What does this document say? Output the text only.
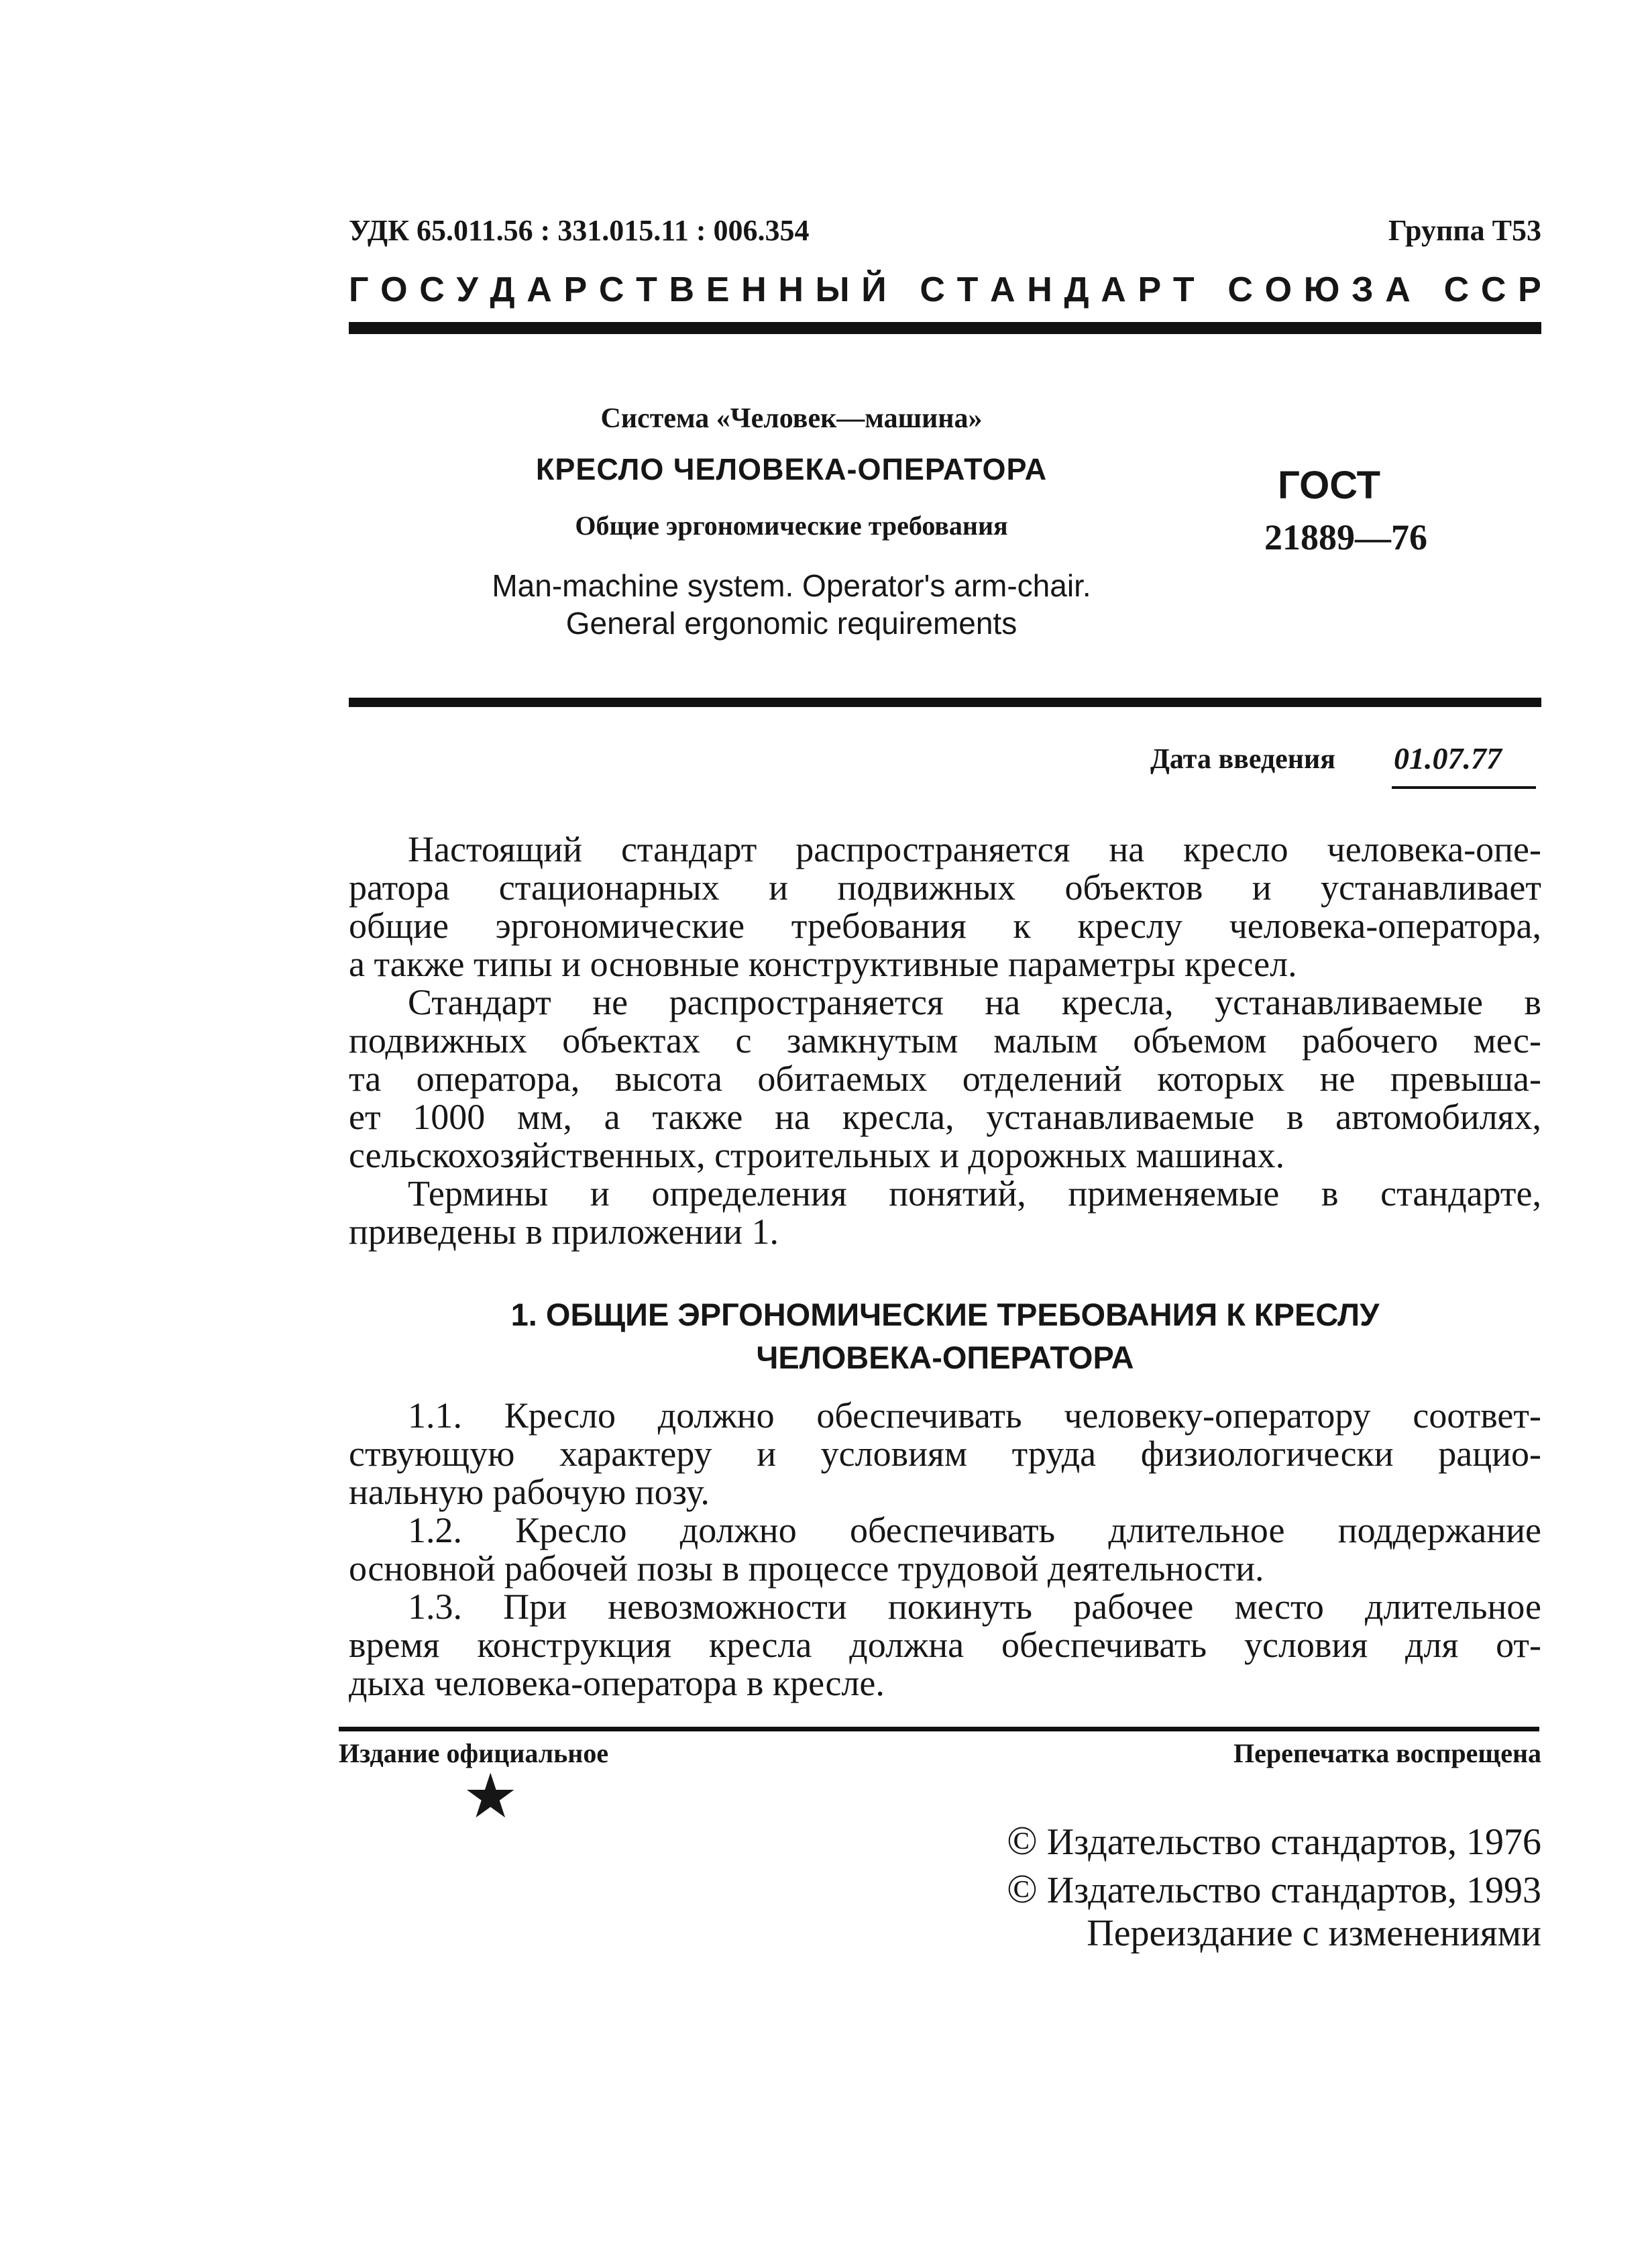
УДК 65.011.56 : 331.015.11 : 006.354	Группа Т53
Г О С У Д А Р С Т В Е Н Н Ы Й
С Т А Н Д А Р Т
С О Ю З А
С С Р
Система «Человек—машина»
КРЕСЛО ЧЕЛОВЕКА-ОПЕРАТОРА
Общие эргономические требования
Man-machine system. Operator's arm-chair.
General ergonomic requirements
ГОСТ
21889—76
Дата введения 01.07.77
Настоящий стандарт распространяется на кресло человека-опе-
ратора стационарных и подвижных объектов и устанавливает
общие эргономические требования к креслу человека-оператора,
а также типы и основные конструктивные параметры кресел.
Стандарт не распространяется на кресла, устанавливаемые в
подвижных объектах с замкнутым малым объемом рабочего мес-
та оператора, высота обитаемых отделений которых не превыша-
ет 1000 мм, а также на кресла, устанавливаемые в автомобилях,
сельскохозяйственных, строительных и дорожных машинах.
Термины и определения понятий, применяемые в стандарте,
приведены в приложении 1.
1. ОБЩИЕ ЭРГОНОМИЧЕСКИЕ ТРЕБОВАНИЯ К КРЕСЛУ
ЧЕЛОВЕКА-ОПЕРАТОРА
1.1. Кресло должно обеспечивать человеку-оператору соответ-
ствующую характеру и условиям труда физиологически рацио-
нальную рабочую позу.
1.2. Кресло должно обеспечивать длительное поддержание
основной рабочей позы в процессе трудовой деятельности.
1.3. При невозможности покинуть рабочее место длительное
время конструкция кресла должна обеспечивать условия для от-
дыха человека-оператора в кресле.
Издание официальное	Перепечатка воспрещена
★
© Издательство стандартов, 1976
© Издательство стандартов, 1993
Переиздание с изменениями
